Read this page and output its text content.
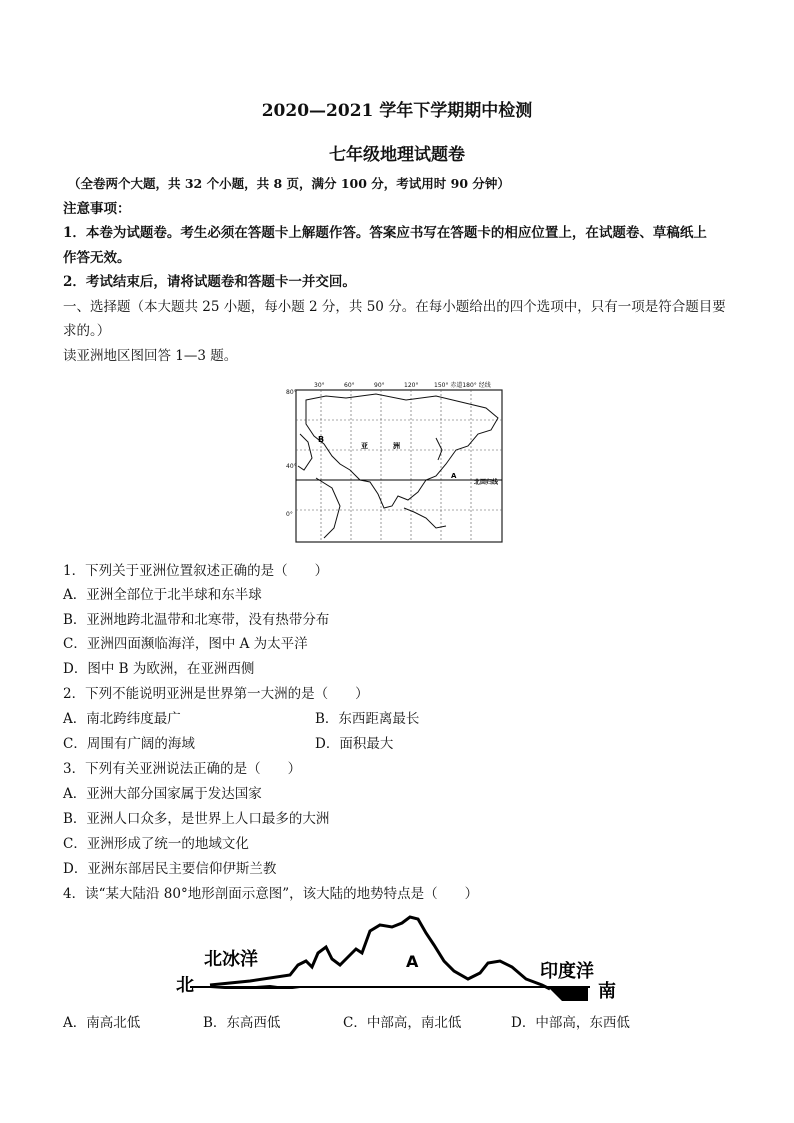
2020—2021 学年下学期期中检测
七年级地理试题卷
（全卷两个大题，共 32 个小题，共 8 页，满分 100 分，考试用时 90 分钟）
注意事项：
1．本卷为试题卷。考生必须在答题卡上解题作答。答案应书写在答题卡的相应位置上，在试题卷、草稿纸上
作答无效。
2．考试结束后，请将试题卷和答题卡一并交回。
一、选择题（本大题共 25 小题，每小题 2 分，共 50 分。在每小题给出的四个选项中，只有一项是符合题目要
求的。）
读亚洲地区图回答 1—3 题。
30°	60°	90°	120°	150° 赤道180° 经线
80°
40°
0°
B
亚	洲
A
北回归线
1．下列关于亚洲位置叙述正确的是（　　）
A．亚洲全部位于北半球和东半球
B．亚洲地跨北温带和北寒带，没有热带分布
C．亚洲四面濒临海洋，图中 A 为太平洋
D．图中 B 为欧洲，在亚洲西侧
2．下列不能说明亚洲是世界第一大洲的是（　　）
A．南北跨纬度最广	B．东西距离最长
C．周围有广阔的海域	D．面积最大
3．下列有关亚洲说法正确的是（　　）
A．亚洲大部分国家属于发达国家
B．亚洲人口众多，是世界上人口最多的大洲
C．亚洲形成了统一的地域文化
D．亚洲东部居民主要信仰伊斯兰教
4．读“某大陆沿 80°地形剖面示意图”，该大陆的地势特点是（　　）
北冰洋
北
A	印度洋
南
A．南高北低	B．东高西低	C．中部高，南北低	D．中部高，东西低
